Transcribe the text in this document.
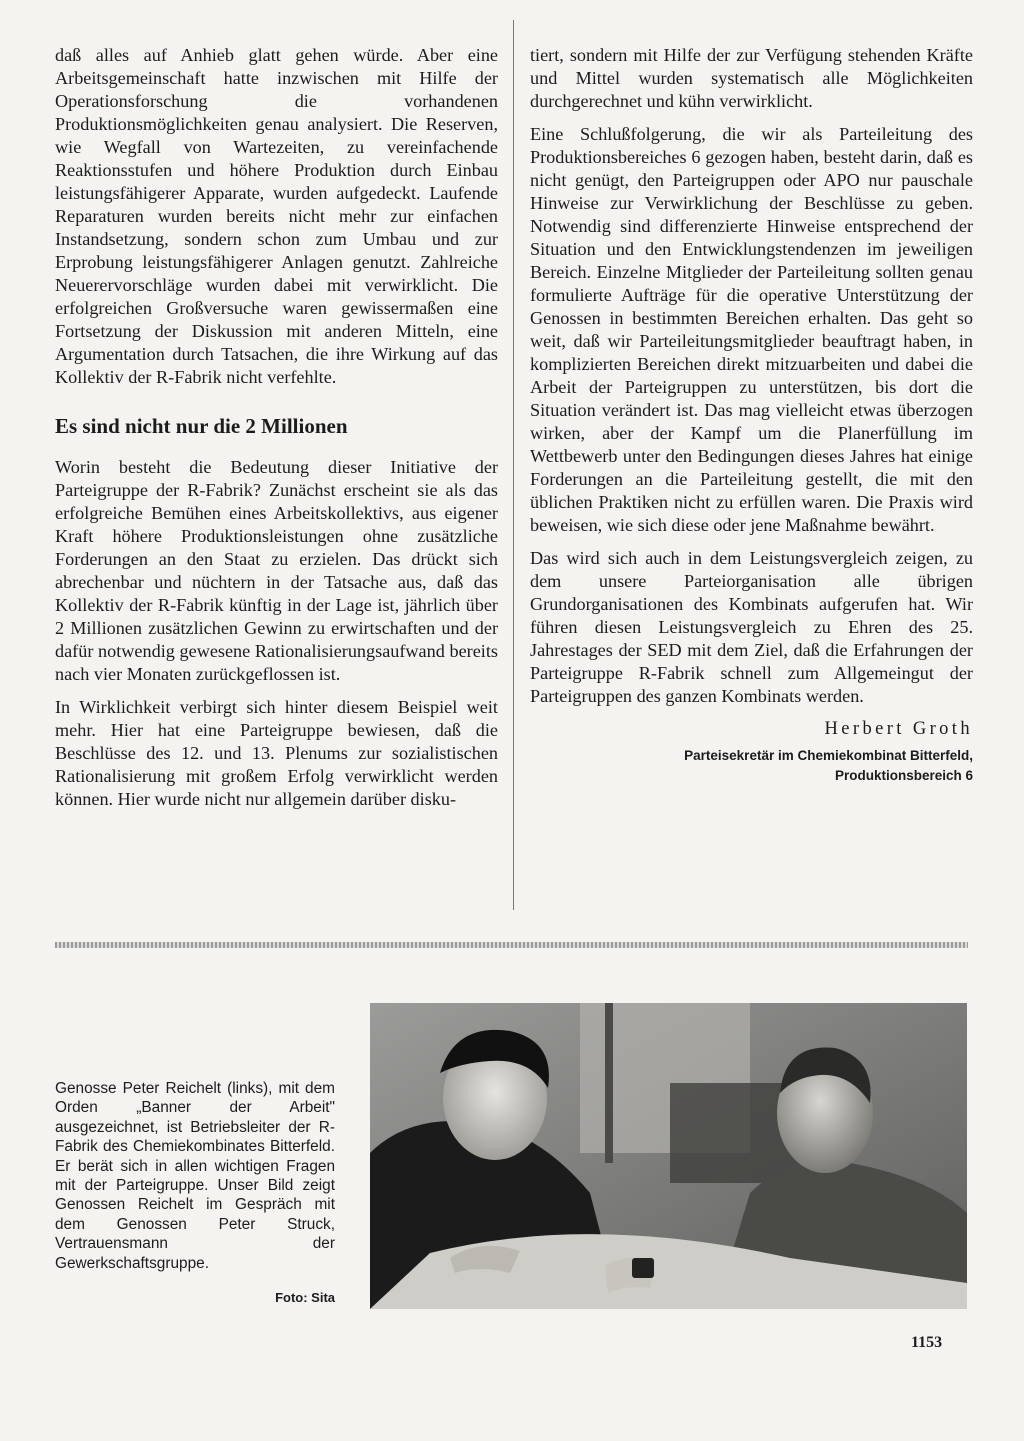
daß alles auf Anhieb glatt gehen würde. Aber eine Arbeitsgemeinschaft hatte inzwischen mit Hilfe der Operationsforschung die vorhandenen Produktionsmöglichkeiten genau analysiert. Die Reserven, wie Wegfall von Wartezeiten, zu vereinfachende Reaktionsstufen und höhere Produktion durch Einbau leistungsfähigerer Apparate, wurden aufgedeckt. Laufende Reparaturen wurden bereits nicht mehr zur einfachen Instandsetzung, sondern schon zum Umbau und zur Erprobung leistungsfähigerer Anlagen genutzt. Zahlreiche Neuerervorschläge wurden dabei mit verwirklicht. Die erfolgreichen Großversuche waren gewissermaßen eine Fortsetzung der Diskussion mit anderen Mitteln, eine Argumentation durch Tatsachen, die ihre Wirkung auf das Kollektiv der R-Fabrik nicht verfehlte.

Es sind nicht nur die 2 Millionen

Worin besteht die Bedeutung dieser Initiative der Parteigruppe der R-Fabrik? Zunächst erscheint sie als das erfolgreiche Bemühen eines Arbeitskollektivs, aus eigener Kraft höhere Produktionsleistungen ohne zusätzliche Forderungen an den Staat zu erzielen. Das drückt sich abrechenbar und nüchtern in der Tatsache aus, daß das Kollektiv der R-Fabrik künftig in der Lage ist, jährlich über 2 Millionen zusätzlichen Gewinn zu erwirtschaften und der dafür notwendig gewesene Rationalisierungsaufwand bereits nach vier Monaten zurückgeflossen ist.

In Wirklichkeit verbirgt sich hinter diesem Beispiel weit mehr. Hier hat eine Parteigruppe bewiesen, daß die Beschlüsse des 12. und 13. Plenums zur sozialistischen Rationalisierung mit großem Erfolg verwirklicht werden können. Hier wurde nicht nur allgemein darüber disku-

tiert, sondern mit Hilfe der zur Verfügung stehenden Kräfte und Mittel wurden systematisch alle Möglichkeiten durchgerechnet und kühn verwirklicht.

Eine Schlußfolgerung, die wir als Parteileitung des Produktionsbereiches 6 gezogen haben, besteht darin, daß es nicht genügt, den Parteigruppen oder APO nur pauschale Hinweise zur Verwirklichung der Beschlüsse zu geben. Notwendig sind differenzierte Hinweise entsprechend der Situation und den Entwicklungstendenzen im jeweiligen Bereich. Einzelne Mitglieder der Parteileitung sollten genau formulierte Aufträge für die operative Unterstützung der Genossen in bestimmten Bereichen erhalten. Das geht so weit, daß wir Parteileitungsmitglieder beauftragt haben, in komplizierten Bereichen direkt mitzuarbeiten und dabei die Arbeit der Parteigruppen zu unterstützen, bis dort die Situation verändert ist. Das mag vielleicht etwas überzogen wirken, aber der Kampf um die Planerfüllung im Wettbewerb unter den Bedingungen dieses Jahres hat einige Forderungen an die Parteileitung gestellt, die mit den üblichen Praktiken nicht zu erfüllen waren. Die Praxis wird beweisen, wie sich diese oder jene Maßnahme bewährt.

Das wird sich auch in dem Leistungsvergleich zeigen, zu dem unsere Parteiorganisation alle übrigen Grundorganisationen des Kombinats aufgerufen hat. Wir führen diesen Leistungsvergleich zu Ehren des 25. Jahrestages der SED mit dem Ziel, daß die Erfahrungen der Parteigruppe R-Fabrik schnell zum Allgemeingut der Parteigruppen des ganzen Kombinats werden.

Herbert Groth

Parteisekretär im Chemiekombinat Bitterfeld,
Produktionsbereich 6

Genosse Peter Reichelt (links), mit dem Orden „Banner der Arbeit" ausgezeichnet, ist Betriebsleiter der R-Fabrik des Chemiekombinates Bitterfeld. Er berät sich in allen wichtigen Fragen mit der Parteigruppe. Unser Bild zeigt Genossen Reichelt im Gespräch mit dem Genossen Peter Struck, Vertrauensmann der Gewerkschaftsgruppe.
Foto: Sita
1153
